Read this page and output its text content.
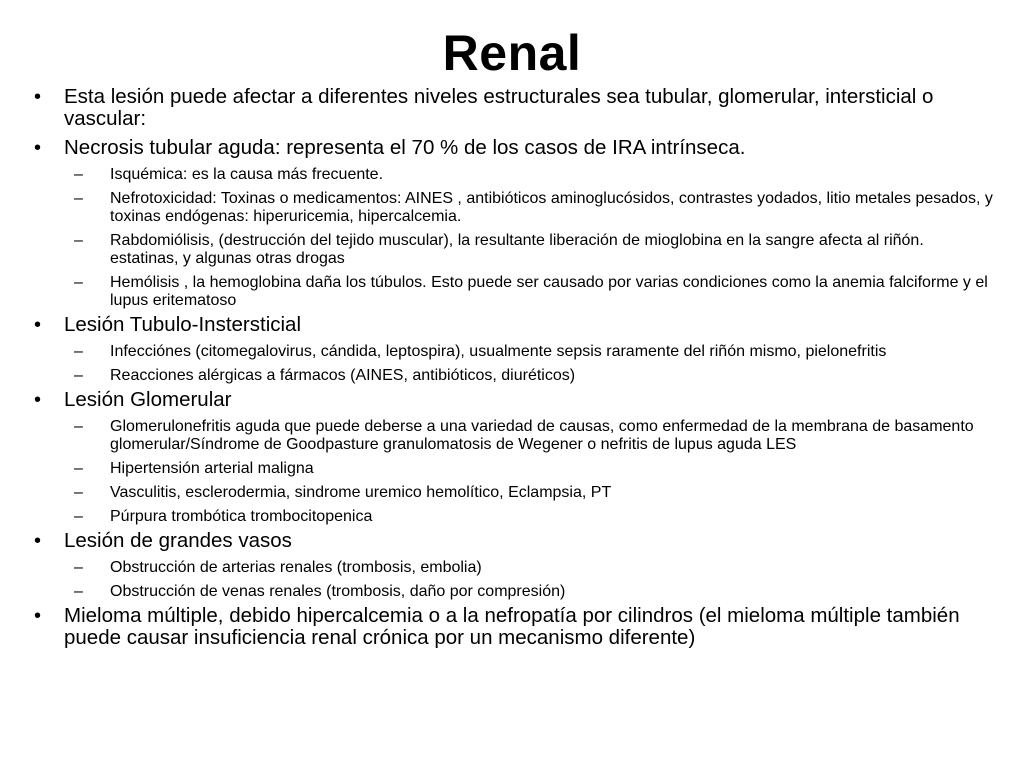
Renal
•	Esta lesión puede afectar a diferentes niveles estructurales sea tubular, glomerular, intersticial o vascular:
•	Necrosis tubular aguda: representa el 70 % de los casos de IRA intrínseca.
– Isquémica: es la causa más frecuente.
– Nefrotoxicidad: Toxinas o medicamentos: AINES , antibióticos aminoglucósidos, contrastes yodados, litio metales pesados, y toxinas endógenas: hiperuricemia, hipercalcemia.
– Rabdomiólisis, (destrucción del tejido muscular), la resultante liberación de mioglobina en la sangre afecta al riñón. estatinas, y algunas otras drogas
– Hemólisis , la hemoglobina daña los túbulos. Esto puede ser causado por varias condiciones como la anemia falciforme y el lupus eritematoso
•	Lesión Tubulo-Instersticial
– Infecciónes (citomegalovirus, cándida, leptospira), usualmente sepsis raramente del riñón mismo, pielonefritis
– Reacciones alérgicas a fármacos (AINES, antibióticos, diuréticos)
•	Lesión Glomerular
– Glomerulonefritis aguda que puede deberse a una variedad de causas, como enfermedad de la membrana de basamento glomerular/Síndrome de Goodpasture granulomatosis de Wegener o nefritis de lupus aguda LES
– Hipertensión arterial maligna
– Vasculitis, esclerodermia, sindrome uremico hemolítico, Eclampsia, PT
– Púrpura trombótica trombocitopenica
•	Lesión de grandes vasos
– Obstrucción de arterias renales (trombosis, embolia)
– Obstrucción de venas renales (trombosis, daño por compresión)
•	Mieloma múltiple, debido hipercalcemia o a la nefropatía por cilindros (el mieloma múltiple también puede causar insuficiencia renal crónica por un mecanismo diferente)
